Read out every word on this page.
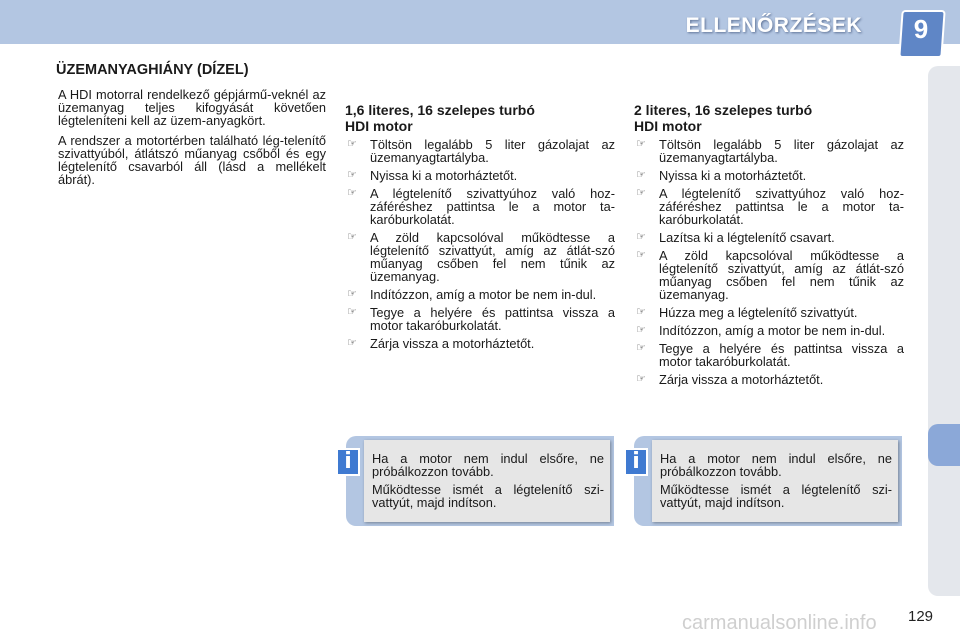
ELLENŐRZÉSEK	9
ÜZEMANYAGHIÁNY (DÍZEL)

A HDI motorral rendelkező gépjármű-veknél az üzemanyag teljes kifogyását követően légteleníteni kell az üzem-anyagkört.

A rendszer a motortérben található lég-telenítő szivattyúból, átlátszó műanyag csőből és egy légtelenítő csavarból áll (lásd a mellékelt ábrát).

1,6 literes, 16 szelepes turbó
HDI motor
☞ Töltsön legalább 5 liter gázolajat az üzemanyagtartályba.
☞ Nyissa ki a motorháztetőt.
☞ A légtelenítő szivattyúhoz való hoz-záféréshez pattintsa le a motor ta-karóburkolatát.
☞ A zöld kapcsolóval működtesse a légtelenítő szivattyút, amíg az átlát-szó műanyag csőben fel nem tűnik az üzemanyag.
☞ Indítózzon, amíg a motor be nem in-dul.
☞ Tegye a helyére és pattintsa vissza a motor takaróburkolatát.
☞ Zárja vissza a motorháztetőt.
2 literes, 16 szelepes turbó
HDI motor
☞ Töltsön legalább 5 liter gázolajat az üzemanyagtartályba.
☞ Nyissa ki a motorháztetőt.
☞ A légtelenítő szivattyúhoz való hoz-záféréshez pattintsa le a motor ta-karóburkolatát.
☞ Lazítsa ki a légtelenítő csavart.
☞ A zöld kapcsolóval működtesse a légtelenítő szivattyút, amíg az átlát-szó műanyag csőben fel nem tűnik az üzemanyag.
☞ Húzza meg a légtelenítő szivattyút.
☞ Indítózzon, amíg a motor be nem in-dul.
☞ Tegye a helyére és pattintsa vissza a motor takaróburkolatát.
☞ Zárja vissza a motorháztetőt.
i	Ha a motor nem indul elsőre, ne próbálkozzon tovább.

Működtesse ismét a légtelenítő szi-vattyút, majd indítson.

i	Ha a motor nem indul elsőre, ne próbálkozzon tovább.

Működtesse ismét a légtelenítő szi-vattyút, majd indítson.

carmanualsonline.info 129
